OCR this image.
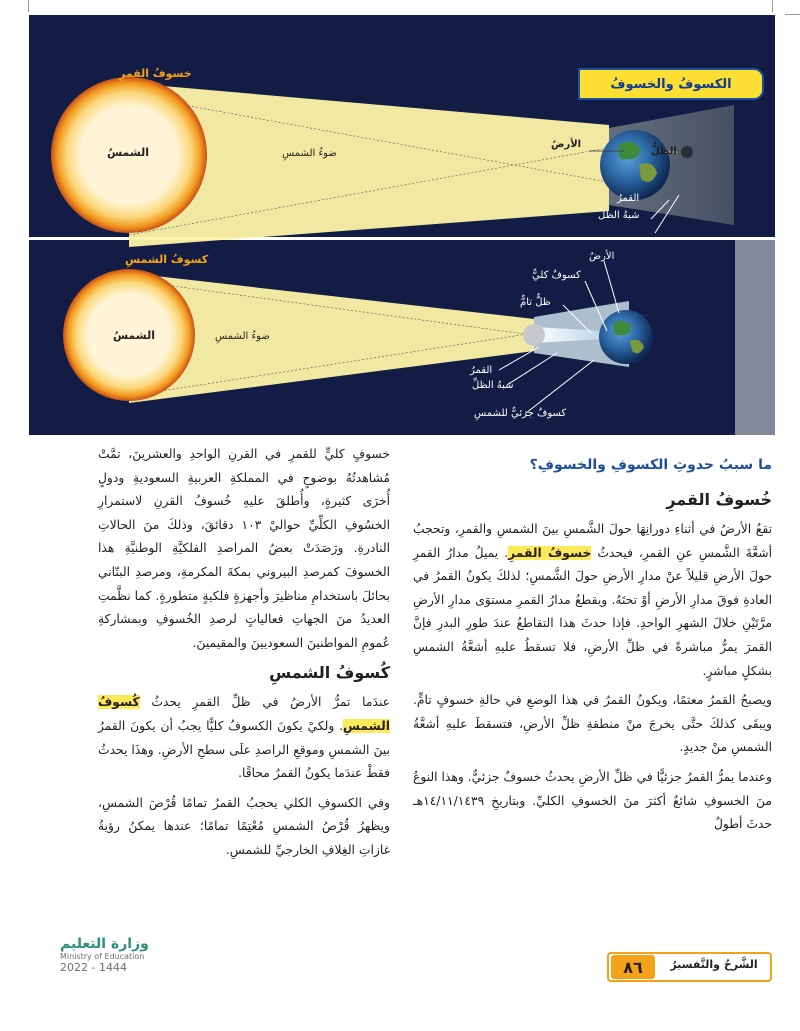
خسوفُ القمرِ
الشمسُ	ضوءُ الشمسِ
الأرضُ
الظلُّ
القمرُ
شبهُ الظلِّ
كسوفُ الشمسِ
الشمسُ	ضوءُ الشمسِ
الأرضُ
كسوفٌ كليٌّ
ظلٌّ تامٌّ
القمرُ
شبهُ الظلِّ
كسوفٌ جزئيٌّ للشمسِ
الكسوفُ والخسوفُ
ما سببُ حدوثِ الكسوفِ والخسوفِ؟
خُسوفُ القمرِ

تقعُ الأرضُ في أثناءِ دورانِهَا حولَ الشَّمسِ بينَ الشمسِ والقمرِ، وتحجبُ أشعَّةَ الشَّمسِ عنِ القمرِ، فيحدثُ خسوفُ القمرِ. يميلُ مدارُ القمرِ حولَ الأرضِ قليلاً عنْ مدارِ الأرضِ حولَ الشَّمسِ؛ لذلكَ يكونُ القمرُ في العادةِ فوقَ مدارِ الأرضِ أوْ تحتَهُ. ويقطعُ مدارُ القمرِ مستوَى مدارِ الأرضِ مرَّتَيْنِ خلالَ الشهرِ الواحدِ. فإذا حدثَ هذا التقاطعُ عندَ طورِ البدرِ فإنَّ القمرَ يمرُّ مباشرةً في ظلِّ الأرضِ، فلا تسقطُ عليهِ أشعَّةُ الشمسِ بشكلٍ مباشرٍ.

ويصبحُ القمرُ معتمًا، ويكونُ القمرُ في هذا الوضعِ في حالةِ خسوفٍ تامٍّ. ويبقَى كذلكَ حتَّى يخرجَ منْ منطقةِ ظلِّ الأرضِ، فتسقطَ عليهِ أشعَّةُ الشمسِ منْ جديدٍ.

وعندما يمرُّ القمرُ جزئيًّا في ظلِّ الأرضِ يحدثُ خسوفٌ جزئيٌّ. وهذا النوعُ منَ الخسوفِ شائعٌ أكثرَ منَ الخسوفِ الكليِّ. وبتاريخِ ١٤/١١/١٤٣٩هـ حدثَ أطولُ

خسوفٍ كليٍّ للقمرِ في القرنِ الواحدِ والعشرينَ، تمَّتْ مُشاهدتُهُ بوضوحٍ في المملكةِ العربيةِ السعوديةِ ودولٍ أُخرَى كثيرةٍ، وأُطلقَ عليهِ خُسوفُ القرنِ لاستمرارِ الخسُوفِ الكلِّيِّ حواليْ ١٠٣ دقائقَ، وذلكَ منَ الحالاتِ النادرةِ. ورَصَدَتْ بعضُ المراصدِ الفلكيَّةِ الوطنيَّةِ هذا الخسوفَ كمرصدِ البيروني بمكةَ المكرمةِ، ومرصدِ البتّاني بحائلَ باستخدامِ مناظيرَ وأجهزةٍ فلكيةٍ متطورةٍ. كما نظَّمتِ العديدُ منَ الجهاتِ فعالياتٍ لرصدِ الخُسوفِ وبمشاركةِ عُمومِ المواطنينَ السعوديينَ والمقيمينَ.

كُسوفُ الشمسِ

عندَما تمرُّ الأرضُ في ظلِّ القمرِ يحدثُ كُسوفُ الشمسِ. ولكيْ يكونَ الكسوفُ كليًّا يجبُ أن يكونَ القمرُ بينَ الشمسِ وموقعِ الراصدِ علَى سطحِ الأرضِ. وهذَا يحدثُ فقطْ عندَما يكونُ القمرُ محاقًا.

وفي الكسوفِ الكلي يحجبُ القمرُ تمامًا قُرْصَ الشمسِ، ويظهرُ قُرْصُ الشمسِ مُعْتِمًا تمامًا؛ عندها يمكنُ رؤيةُ غازاتِ الغِلافِ الخارجيِّ للشمسِ.

٨٦	الشَّرحُ والتَّفسيرُ
وزارة التعليم
Ministry of Education
2022 - 1444
